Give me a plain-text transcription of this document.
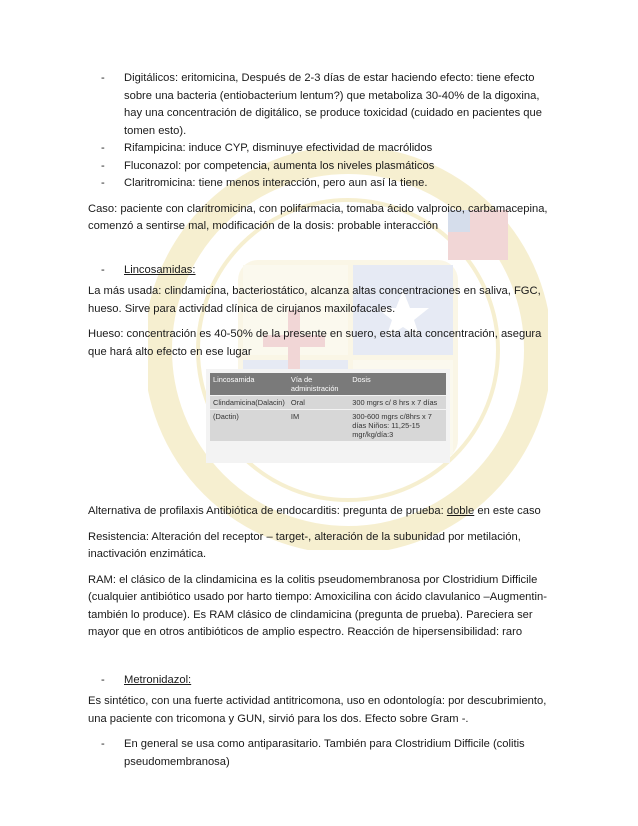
- Digitálicos: eritomicina, Después de 2-3 días de estar haciendo efecto: tiene efecto sobre una bacteria (entiobacterium lentum?) que metaboliza 30-40% de la digoxina, hay una concentración de digitálico, se produce toxicidad (cuidado en pacientes que tomen esto).

- Rifampicina: induce CYP, disminuye efectividad de macrólidos

- Fluconazol: por competencia, aumenta los niveles plasmáticos

- Claritromicina: tiene menos interacción, pero aun así la tiene.

Caso: paciente con claritromicina, con polifarmacia, tomaba ácido valproico, carbamacepina, comenzó a sentirse mal, modificación de la dosis: probable interacción

- Lincosamidas:

La más usada: clindamicina, bacteriostático, alcanza altas concentraciones en saliva, FGC, hueso. Sirve para actividad clínica de cirujanos maxilofacales.

Hueso: concentración es 40-50% de la presente en suero, esta alta concentración, asegura que hará alto efecto en ese lugar

Lincosamida	Vía de administración	Dosis
Clindamicina(Dalacin)	Oral	300 mgrs c/ 8 hrs x 7 días
(Dactin)	IM	300-600 mgrs c/8hrs x 7 días Niños: 11,25-15 mgr/kg/día:3

Alternativa de profilaxis Antibiótica de endocarditis: pregunta de prueba: doble en este caso

Resistencia: Alteración del receptor – target-, alteración de la subunidad por metilación, inactivación enzimática.

RAM: el clásico de la clindamicina es la colitis pseudomembranosa por Clostridium Difficile (cualquier antibiótico usado por harto tiempo: Amoxicilina con ácido clavulanico –Augmentin- también lo produce). Es RAM clásico de clindamicina (pregunta de prueba). Pareciera ser mayor que en otros antibióticos de amplio espectro. Reacción de hipersensibilidad: raro

- Metronidazol:

Es sintético, con una fuerte actividad antitricomona, uso en odontología: por descubrimiento, una paciente con tricomona y GUN, sirvió para los dos. Efecto sobre Gram -.

- En general se usa como antiparasitario. También para Clostridium Difficile (colitis pseudomembranosa)
